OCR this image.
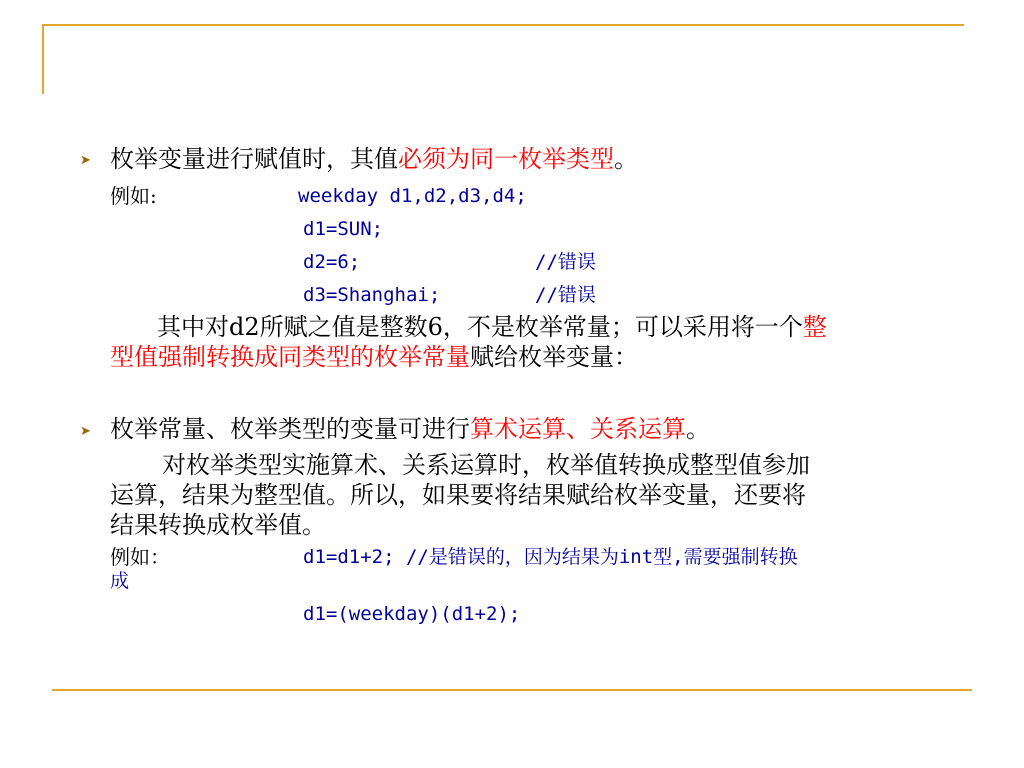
➤ 枚举变量进行赋值时，其值必须为同一枚举类型。
例如:	weekday d1,d2,d3,d4;
d1=SUN;
d2=6;	//错误
d3=Shanghai;	//错误
其中对d2所赋之值是整数6，不是枚举常量；可以采用将一个整
型值强制转换成同类型的枚举常量赋给枚举变量：
➤ 枚举常量、枚举类型的变量可进行算术运算、关系运算。
对枚举类型实施算术、关系运算时，枚举值转换成整型值参加
运算，结果为整型值。所以，如果要将结果赋给枚举变量，还要将
结果转换成枚举值。
例如：	d1=d1+2; //是错误的，因为结果为int型,需要强制转换
成
d1=(weekday)(d1+2);
